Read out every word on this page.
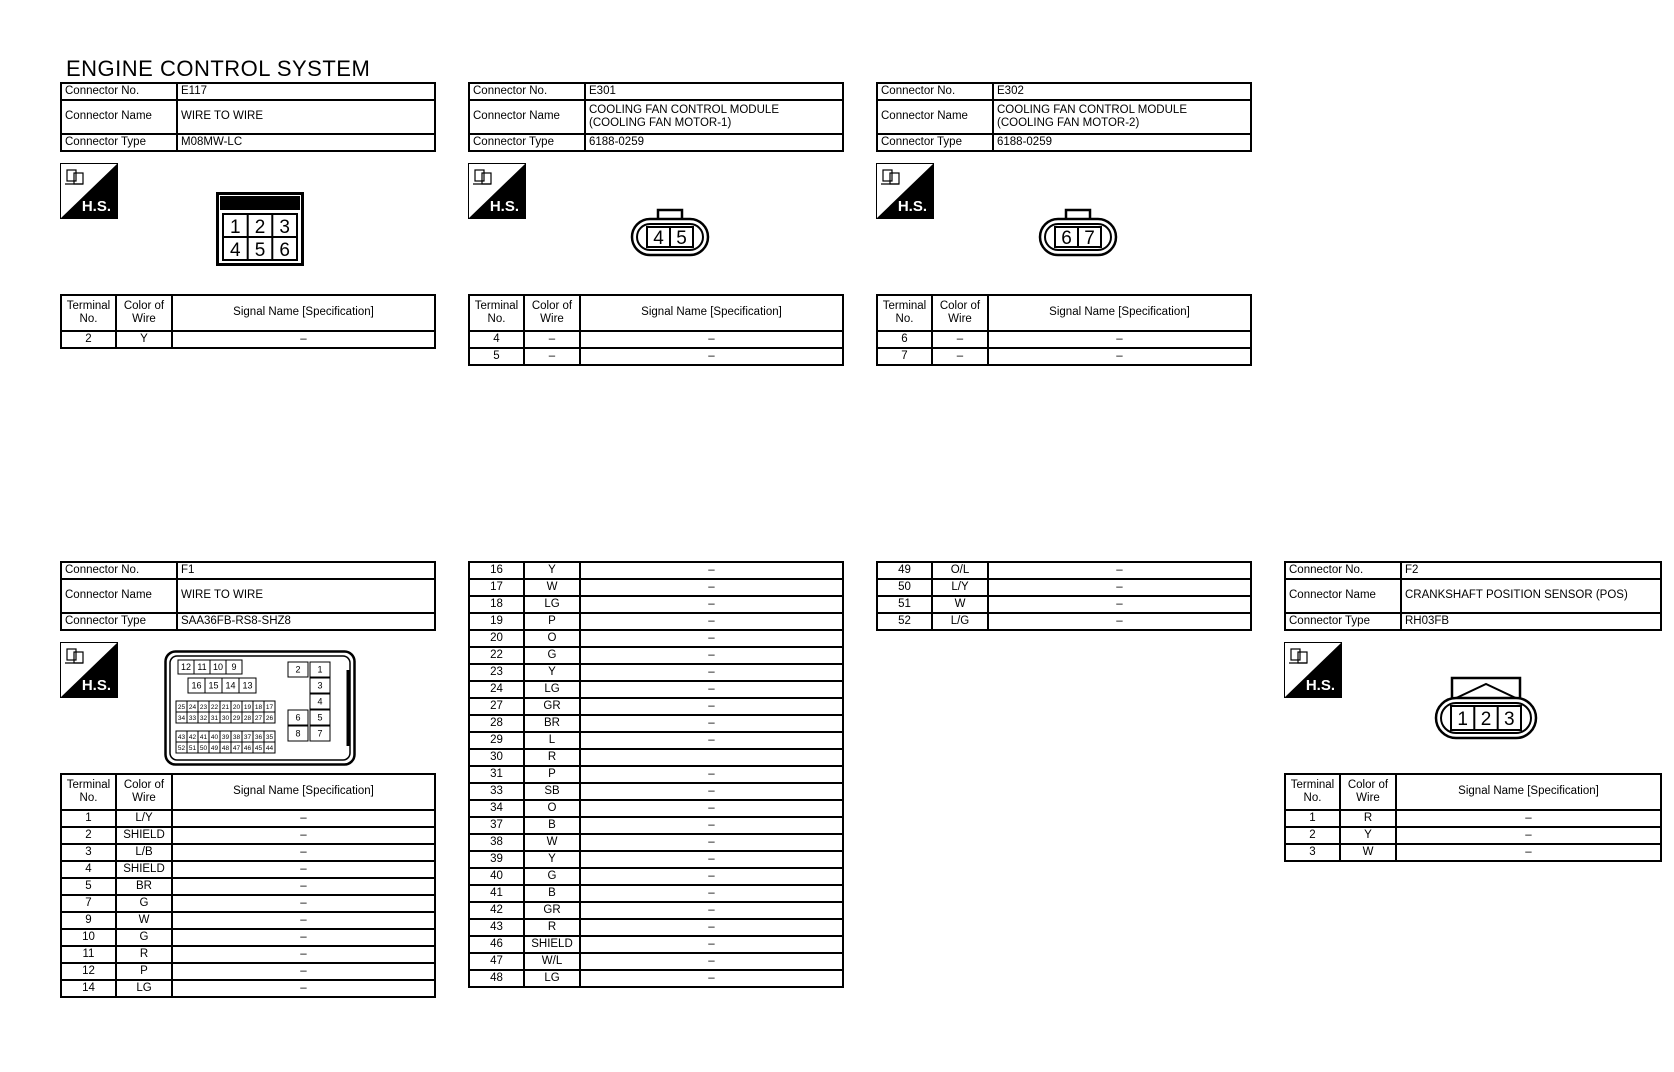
ENGINE CONTROL SYSTEM
Connector No.	E117
Connector Name	WIRE TO WIRE
Connector Type	M08MW-LC
H.S.
1 2 3
4 5 6
Terminal No.	Color of Wire	Signal Name [Specification]
2	Y	–
Connector No.	E301
Connector Name	COOLING FAN CONTROL MODULE
(COOLING FAN MOTOR-1)

Connector Type	6188-0259
H.S.
4 5
Terminal No.	Color of Wire	Signal Name [Specification]
4	–	–
5	–	–
Connector No.	E302
Connector Name	COOLING FAN CONTROL MODULE
(COOLING FAN MOTOR-2)

Connector Type	6188-0259
H.S.
6 7
Terminal No.	Color of Wire	Signal Name [Specification]
6	–	–
7	–	–
Connector No.	F1
Connector Name	WIRE TO WIRE
Connector Type	SAA36FB-RS8-SHZ8
H.S.
12 11 10 9
16 15 14 13
25 24 23 22 21 20 19 18 17
34 33 32 31 30 29 28 27 26
43 42 41 40 39 38 37 36 35
52 51 50 49 48 47 46 45 44
2 1
3
4
6 5
8 7
Terminal No.	Color of Wire	Signal Name [Specification]
1	L/Y	–
2	SHIELD	–
3	L/B	–
4	SHIELD	–
5	BR	–
7	G	–
9	W	–
10	G	–
11	R	–
12	P	–
14	LG	–
16	Y	–
17	W	–
18	LG	–
19	P	–
20	O	–
22	G	–
23	Y	–
24	LG	–
27	GR	–
28	BR	–
29	L	–
30	R	
31	P	–
33	SB	–
34	O	–
37	B	–
38	W	–
39	Y	–
40	G	–
41	B	–
42	GR	–
43	R	–
46	SHIELD	–
47	W/L	–
48	LG	–
49	O/L	–
50	L/Y	–
51	W	–
52	L/G	–
Connector No.	F2
Connector Name	CRANKSHAFT POSITION SENSOR (POS)
Connector Type	RH03FB
H.S.
1 2 3
Terminal No.	Color of Wire	Signal Name [Specification]
1	R	–
2	Y	–
3	W	–
